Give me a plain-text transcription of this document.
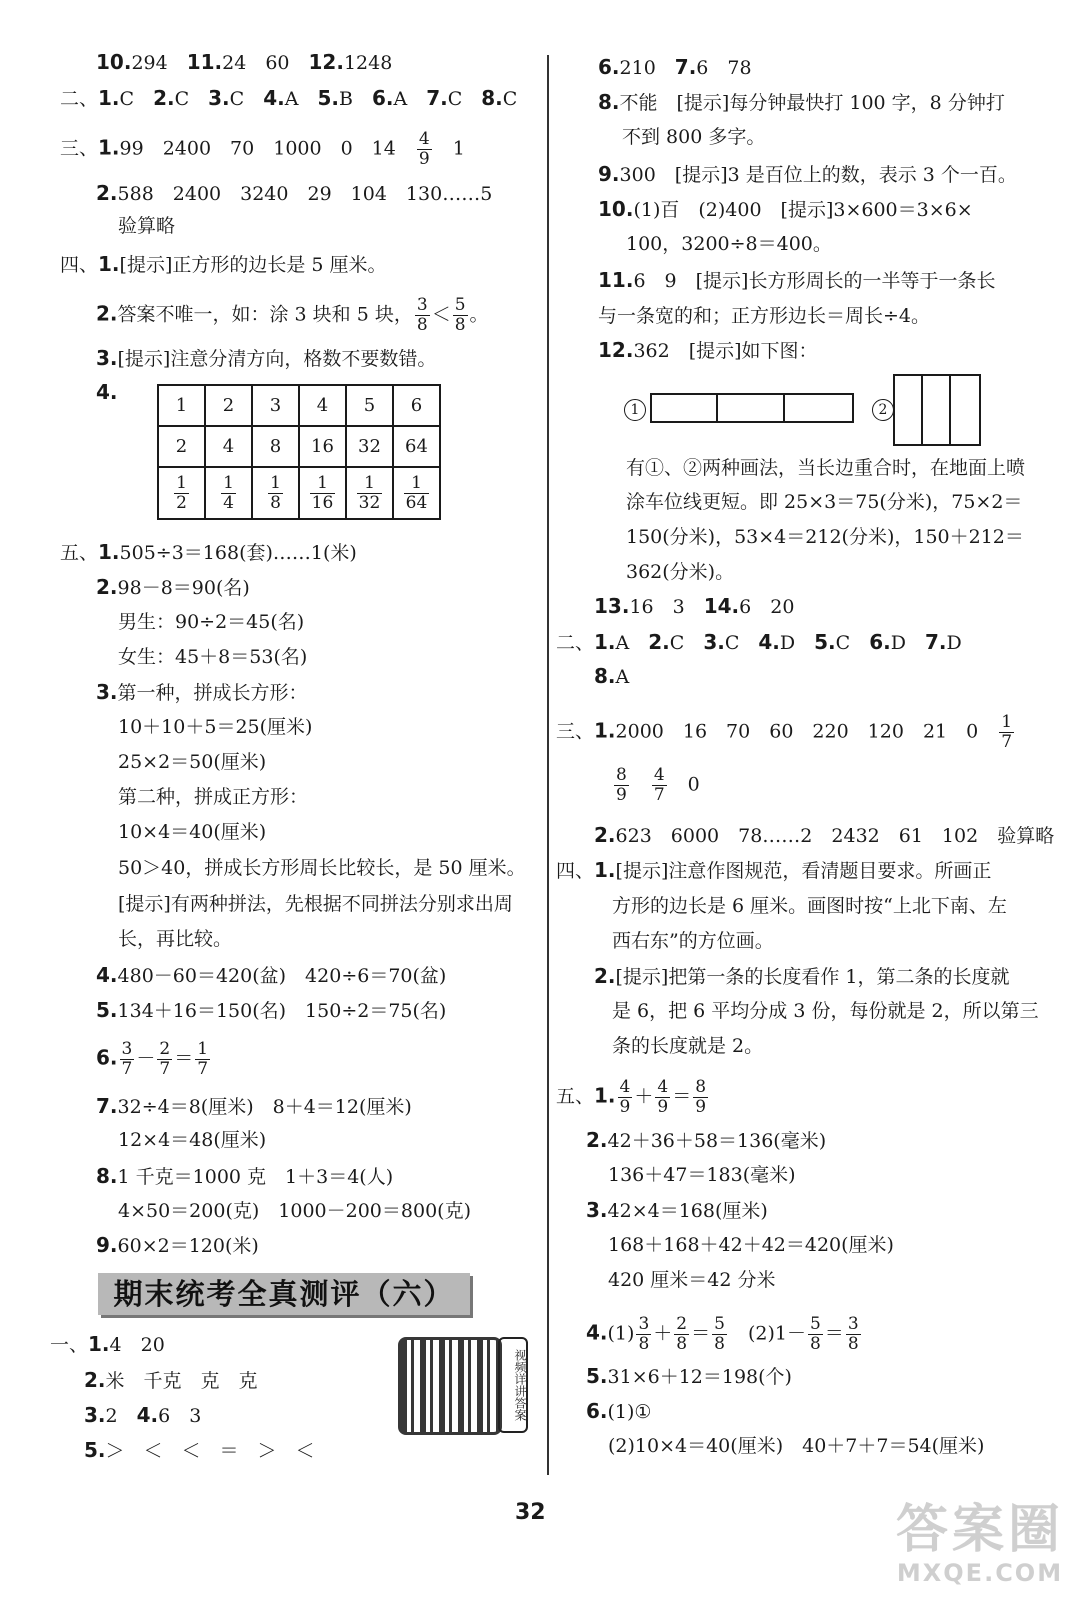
10.294　11.24　60　12.1248
二、1.C　2.C　3.C　4.A　5.B　6.A　7.C　8.C
三、1.99　2400　70　1000　0　14　 $\frac{4}{9}$ 　1
2.588　2400　3240　29　104　130……5
验算略
四、1.[提示]正方形的边长是 5 厘米。
2.答案不唯一，如：涂 3 块和 5 块， $\frac{3}{8} < \frac{5}{8}$ 。
3.[提示]注意分清方向，格数不要数错。
4.
五、1.505÷3＝168(套)……1(米)
2.98－8＝90(名)
男生：90÷2＝45(名)
女生：45＋8＝53(名)
3.第一种，拼成长方形：
10＋10＋5＝25(厘米)
25×2＝50(厘米)
第二种，拼成正方形：
10×4＝40(厘米)
50＞40，拼成长方形周长比较长，是 50 厘米。
[提示]有两种拼法，先根据不同拼法分别求出周
长，再比较。
4.480－60＝420(盆)　420÷6＝70(盆)
5.134＋16＝150(名)　150÷2＝75(名)
6. $\frac{3}{7} - \frac{2}{7} = \frac{1}{7}$
7.32÷4＝8(厘米)　8＋4＝12(厘米)
12×4＝48(厘米)
8.1 千克＝1000 克　1＋3＝4(人)
4×50＝200(克)　1000－200＝800(克)
9.60×2＝120(米)
一、1.4　20
2.米　千克　克　克
3.2　4.6　3
5.＞　＜　＜　＝　＞　＜
6.210　7.6　78
8.不能　[提示]每分钟最快打 100 字，8 分钟打
不到 800 多字。
9.300　[提示]3 是百位上的数，表示 3 个一百。
10.(1)百　(2)400　[提示]3×600＝3×6×
100，3200÷8＝400。
11.6　9　[提示]长方形周长的一半等于一条长
与一条宽的和；正方形边长＝周长÷4。
12.362　[提示]如下图：
1	2
有①、②两种画法，当长边重合时，在地面上喷
涂车位线更短。即 25×3＝75(分米)，75×2＝
150(分米)，53×4＝212(分米)，150＋212＝
362(分米)。
13.16　3　14.6　20
二、1.A　2.C　3.C　4.D　5.C　6.D　7.D
8.A
三、1.2000　16　70　60　220　120　21　0　 $\frac{1}{7}$
$\frac{8}{9}$
　 $\frac{4}{7}$ 　0
2.623　6000　78……2　2432　61　102　验算略
四、1.[提示]注意作图规范，看清题目要求。所画正
方形的边长是 6 厘米。画图时按“上北下南、左
西右东”的方位画。
2.[提示]把第一条的长度看作 1，第二条的长度就
是 6，把 6 平均分成 3 份，每份就是 2，所以第三
条的长度就是 2。
五、1. $\frac{4}{9} + \frac{4}{9} = \frac{8}{9}$
2.42＋36＋58＝136(毫米)
136＋47＝183(毫米)
3.42×4＝168(厘米)
168＋168＋42＋42＝420(厘米)
420 厘米＝42 分米
$4.(1) \frac{3}{8} + \frac{2}{8} = \frac{5}{8}$ 　$(2)1- \frac{5}{8} = \frac{3}{8}$
5.31×6＋12＝198(个)
6.(1)①
(2)10×4＝40(厘米)　40＋7＋7＝54(厘米)
1	2	3	4	5	6
2	4	8	16	32	64

$\frac{1}{2}$	$\frac{1}{4}$	$\frac{1}{8}$	$\frac{1}{16}$	$\frac{1}{32}$	$\frac{1}{64}$
期末统考全真测评（六）
视频详讲答案
32	答案圈
MXQE.COM
